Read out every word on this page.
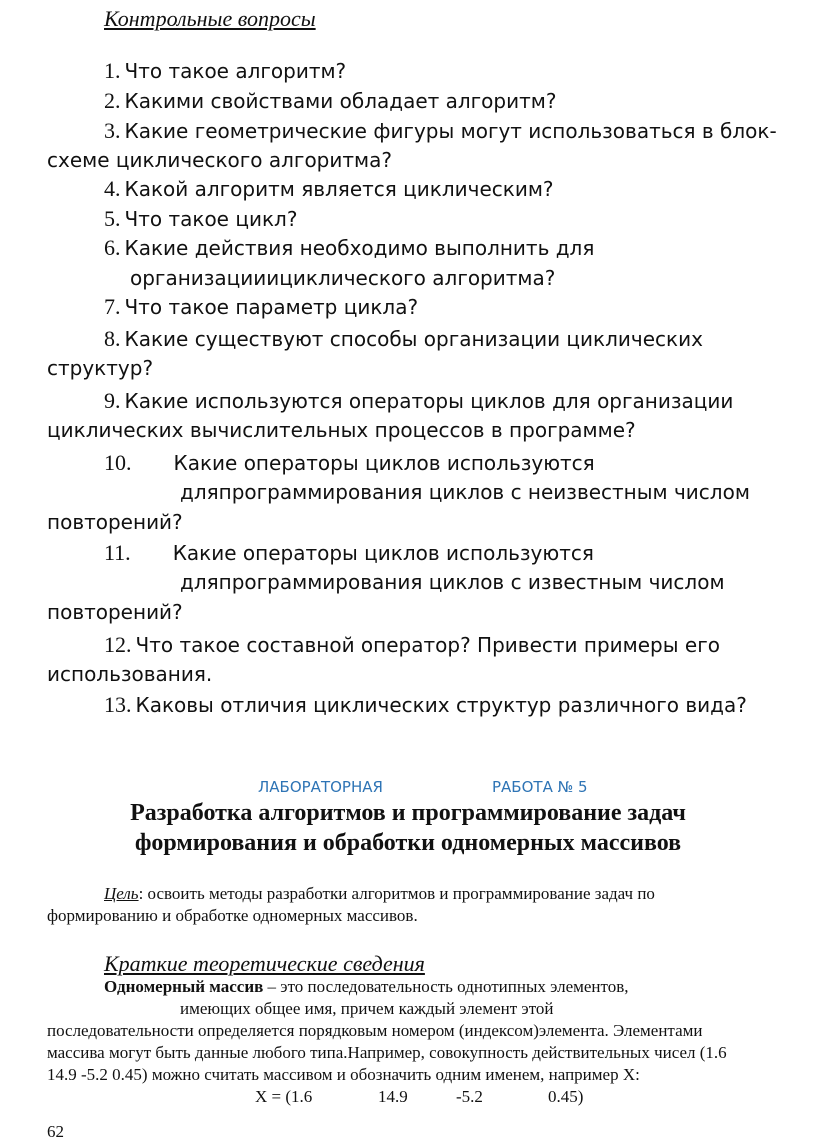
Контрольные вопросы
1. Что такое алгоритм?
2. Какими свойствами обладает алгоритм?
3. Какие геометрические фигуры могут использоваться в блок-
схеме циклического алгоритма?
4. Какой алгоритм является циклическим?
5. Что такое цикл?
6. Какие действия необходимо выполнить для
организацииициклического алгоритма?
7. Что такое параметр цикла?
8. Какие существуют способы организации циклических
структур?
9. Какие используются операторы циклов для организации
циклических вычислительных процессов в программе?
10. Какие операторы циклов используются
дляпрограммирования циклов с неизвестным числом
повторений?
11. Какие операторы циклов используются
дляпрограммирования циклов с известным числом
повторений?
12. Что такое составной оператор? Привести примеры его
использования.
13. Каковы отличия циклических структур различного вида?
ЛАБОРАТОРНАЯ	РАБОТА № 5
Разработка алгоритмов и программирование задач
формирования и обработки одномерных массивов
Цель: освоить методы разработки алгоритмов и программирование задач по
формированию и обработке одномерных массивов.
Краткие теоретические сведения
Одномерный массив – это последовательность однотипных элементов,
имеющих общее имя, причем каждый элемент этой
последовательности определяется порядковым номером (индексом)элемента. Элементами
массива могут быть данные любого типа.Например, совокупность действительных чисел (1.6
14.9 -5.2 0.45) можно считать массивом и обозначить одним именем, например X:
X = (1.6	14.9	-5.2	0.45)
62
